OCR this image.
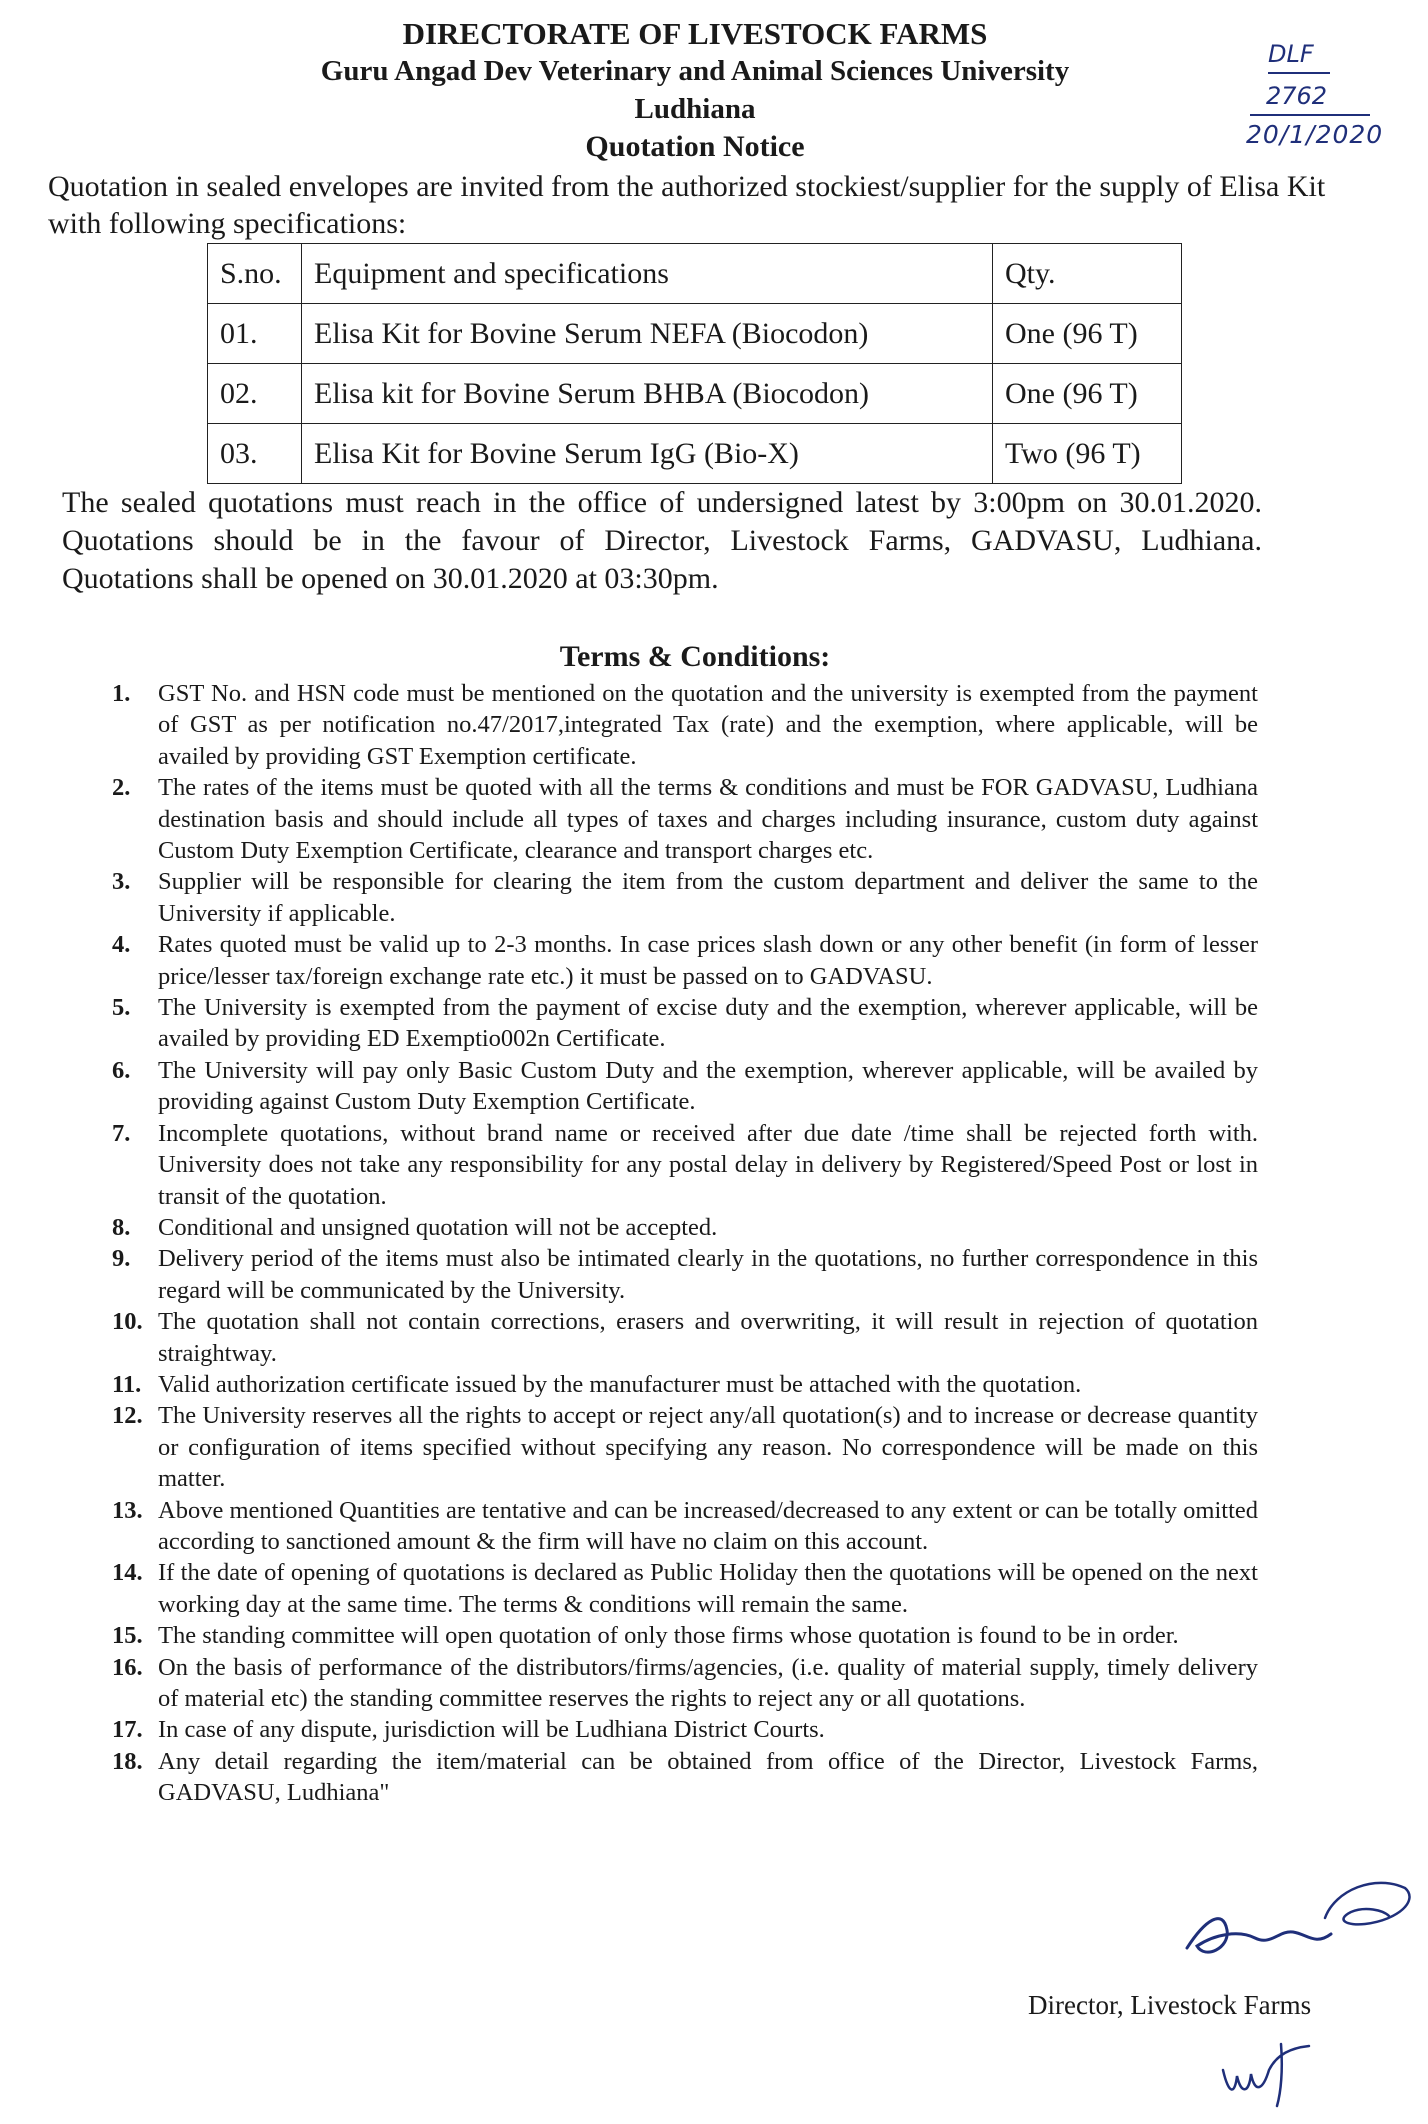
DIRECTORATE OF LIVESTOCK FARMS
Guru Angad Dev Veterinary and Animal Sciences University
Ludhiana
Quotation Notice
DLF
2762
20/1/2020

Quotation in sealed envelopes are invited from the authorized stockiest/supplier for the supply of Elisa Kit with following specifications:

S.no.	Equipment and specifications	Qty.
01.	Elisa Kit for Bovine Serum NEFA (Biocodon)	One (96 T)
02.	Elisa kit for Bovine Serum BHBA (Biocodon)	One (96 T)
03.	Elisa Kit for Bovine Serum IgG (Bio-X)	Two (96 T)

The sealed quotations must reach in the office of undersigned latest by 3:00pm on 30.01.2020. Quotations should be in the favour of Director, Livestock Farms, GADVASU, Ludhiana. Quotations shall be opened on 30.01.2020 at 03:30pm.

Terms & Conditions:
1. GST No. and HSN code must be mentioned on the quotation and the university is exempted from the payment of GST as per notification no.47/2017,integrated Tax (rate) and the exemption, where applicable, will be availed by providing GST Exemption certificate.
2. The rates of the items must be quoted with all the terms & conditions and must be FOR GADVASU, Ludhiana destination basis and should include all types of taxes and charges including insurance, custom duty against Custom Duty Exemption Certificate, clearance and transport charges etc.
3. Supplier will be responsible for clearing the item from the custom department and deliver the same to the University if applicable.
4. Rates quoted must be valid up to 2-3 months. In case prices slash down or any other benefit (in form of lesser price/lesser tax/foreign exchange rate etc.) it must be passed on to GADVASU.
5. The University is exempted from the payment of excise duty and the exemption, wherever applicable, will be availed by providing ED Exemptio002n Certificate.
6. The University will pay only Basic Custom Duty and the exemption, wherever applicable, will be availed by providing against Custom Duty Exemption Certificate.
7. Incomplete quotations, without brand name or received after due date /time shall be rejected forth with. University does not take any responsibility for any postal delay in delivery by Registered/Speed Post or lost in transit of the quotation.
8. Conditional and unsigned quotation will not be accepted.
9. Delivery period of the items must also be intimated clearly in the quotations, no further correspondence in this regard will be communicated by the University.
10. The quotation shall not contain corrections, erasers and overwriting, it will result in rejection of quotation straightway.
11. Valid authorization certificate issued by the manufacturer must be attached with the quotation.
12. The University reserves all the rights to accept or reject any/all quotation(s) and to increase or decrease quantity or configuration of items specified without specifying any reason. No correspondence will be made on this matter.
13. Above mentioned Quantities are tentative and can be increased/decreased to any extent or can be totally omitted according to sanctioned amount & the firm will have no claim on this account.
14. If the date of opening of quotations is declared as Public Holiday then the quotations will be opened on the next working day at the same time. The terms & conditions will remain the same.
15. The standing committee will open quotation of only those firms whose quotation is found to be in order.
16. On the basis of performance of the distributors/firms/agencies, (i.e. quality of material supply, timely delivery of material etc) the standing committee reserves the rights to reject any or all quotations.
17. In case of any dispute, jurisdiction will be Ludhiana District Courts.
18. Any detail regarding the item/material can be obtained from office of the Director, Livestock Farms, GADVASU, Ludhiana"

Director, Livestock Farms
